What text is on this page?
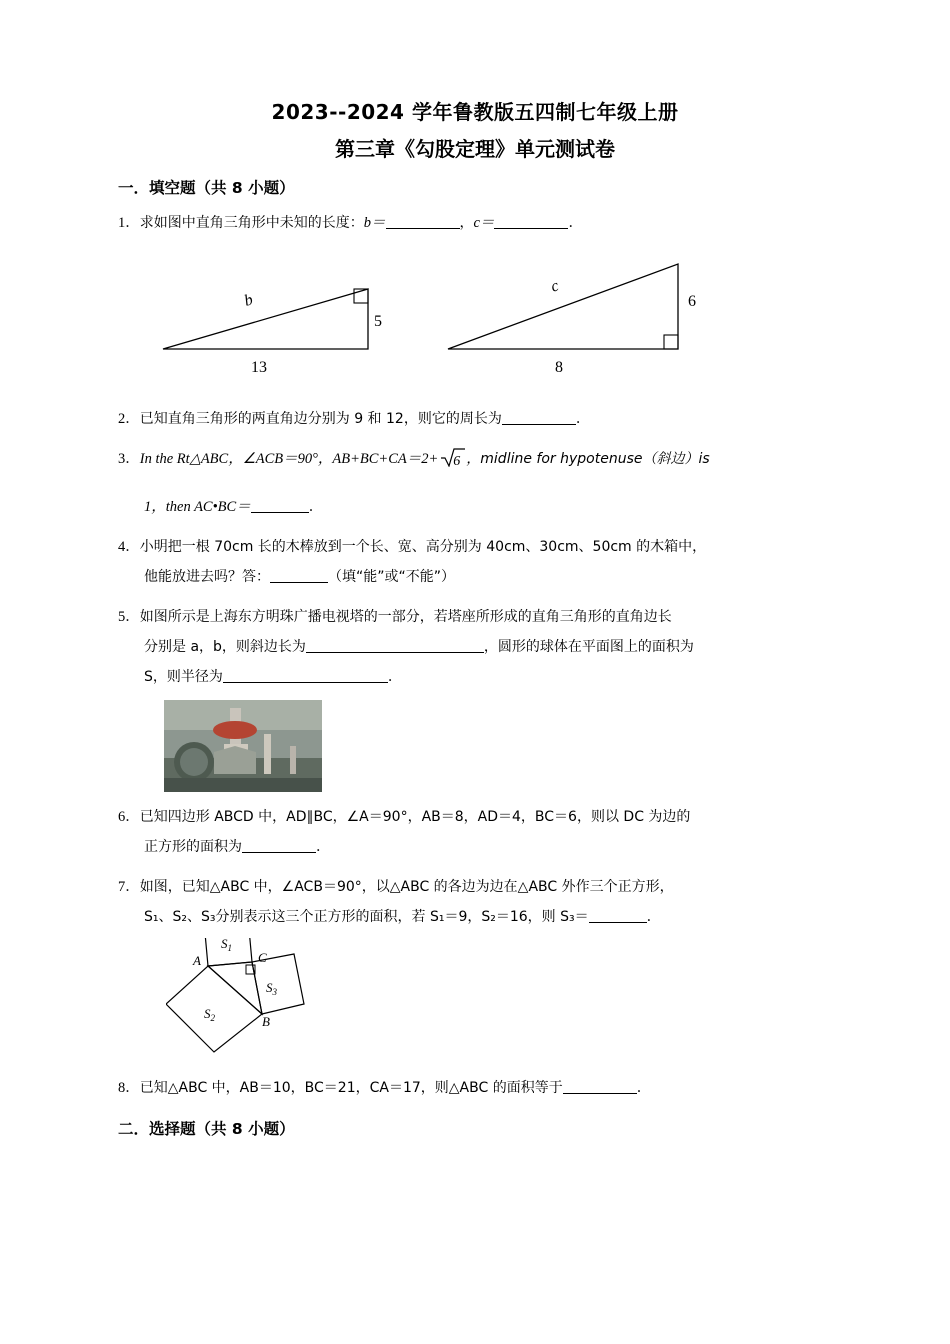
2023--2024 学年鲁教版五四制七年级上册
第三章《勾股定理》单元测试卷
一．填空题（共 8 小题）
1．求如图中直角三角形中未知的长度：b＝	，c＝	．
b
5
13
c
6
8
2．已知直角三角形的两直角边分别为 9 和 12，则它的周长为	．
3．In the Rt△ABC，∠ACB＝90°，AB+BC+CA＝2+ 6 ，midline for hypotenuse（斜边）is
1，then AC•BC＝	．
4．小明把一根 70cm 长的木棒放到一个长、宽、高分别为 40cm、30cm、50cm 的木箱中，
他能放进去吗？答：	（填“能”或“不能”）
5．如图所示是上海东方明珠广播电视塔的一部分，若塔座所形成的直角三角形的直角边长
分别是 a，b，则斜边长为	，圆形的球体在平面图上的面积为
S，则半径为	．
6．已知四边形 ABCD 中，AD∥BC，∠A＝90°，AB＝8，AD＝4，BC＝6，则以 DC 为边的
正方形的面积为	．
7．如图，已知△ABC 中，∠ACB＝90°，以△ABC 的各边为边在△ABC 外作三个正方形，
S₁、S₂、S₃分别表示这三个正方形的面积，若 S₁＝9，S₂＝16，则 S₃＝	．
A
B
C
$S_1$
$S_2$
$S_3$
8．已知△ABC 中，AB＝10，BC＝21，CA＝17，则△ABC 的面积等于	．
二．选择题（共 8 小题）
